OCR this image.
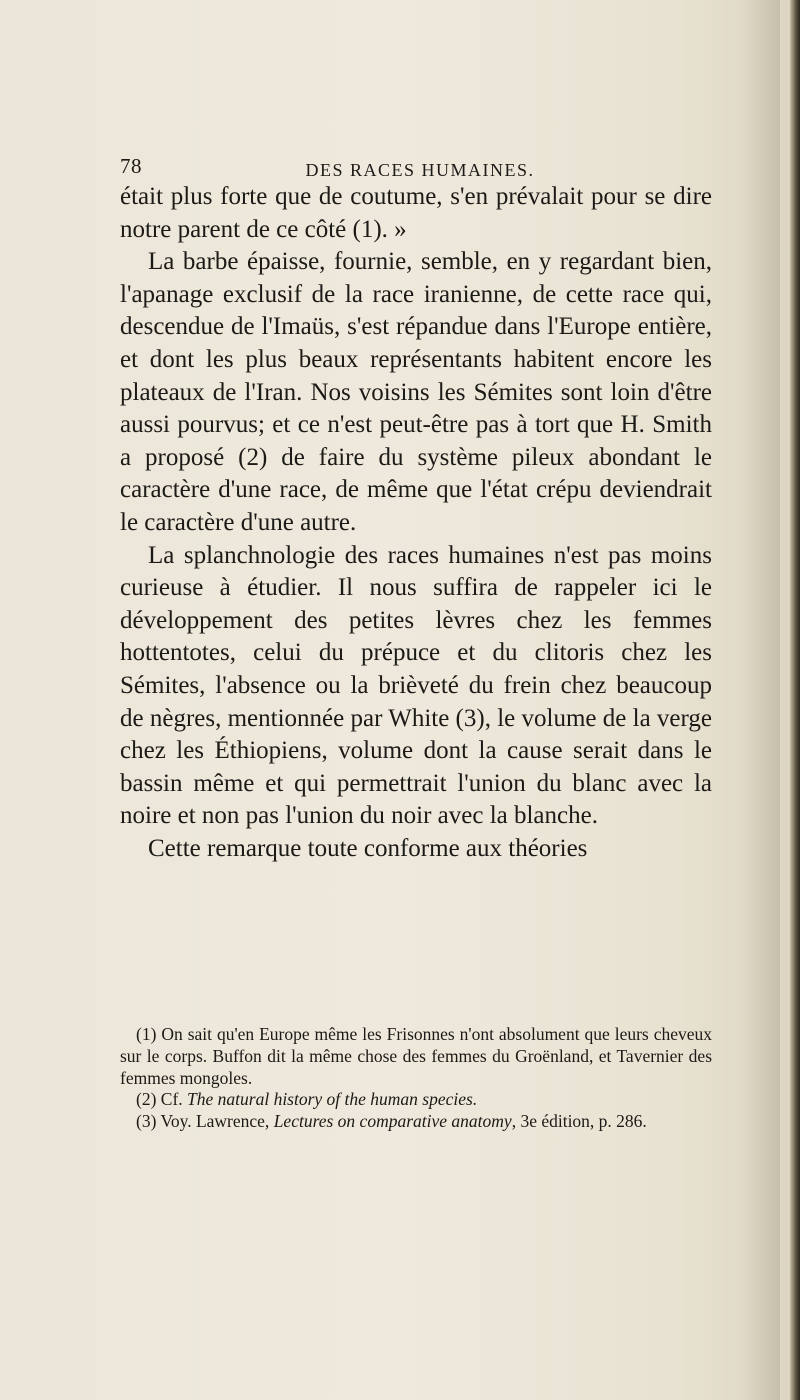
78	DES RACES HUMAINES.

était plus forte que de coutume, s'en prévalait pour se dire notre parent de ce côté (1). »

La barbe épaisse, fournie, semble, en y regardant bien, l'apanage exclusif de la race iranienne, de cette race qui, descendue de l'Imaüs, s'est répandue dans l'Europe entière, et dont les plus beaux représentants habitent encore les plateaux de l'Iran. Nos voisins les Sémites sont loin d'être aussi pourvus; et ce n'est peut-être pas à tort que H. Smith a proposé (2) de faire du système pileux abondant le caractère d'une race, de même que l'état crépu deviendrait le caractère d'une autre.

La splanchnologie des races humaines n'est pas moins curieuse à étudier. Il nous suffira de rappeler ici le développement des petites lèvres chez les femmes hottentotes, celui du prépuce et du clitoris chez les Sémites, l'absence ou la brièveté du frein chez beaucoup de nègres, mentionnée par White (3), le volume de la verge chez les Éthiopiens, volume dont la cause serait dans le bassin même et qui permettrait l'union du blanc avec la noire et non pas l'union du noir avec la blanche.

Cette remarque toute conforme aux théories

(1) On sait qu'en Europe même les Frisonnes n'ont absolument que leurs cheveux sur le corps. Buffon dit la même chose des femmes du Groënland, et Tavernier des femmes mongoles.

(2) Cf. The natural history of the human species.

(3) Voy. Lawrence, Lectures on comparative anatomy, 3e édition, p. 286.
